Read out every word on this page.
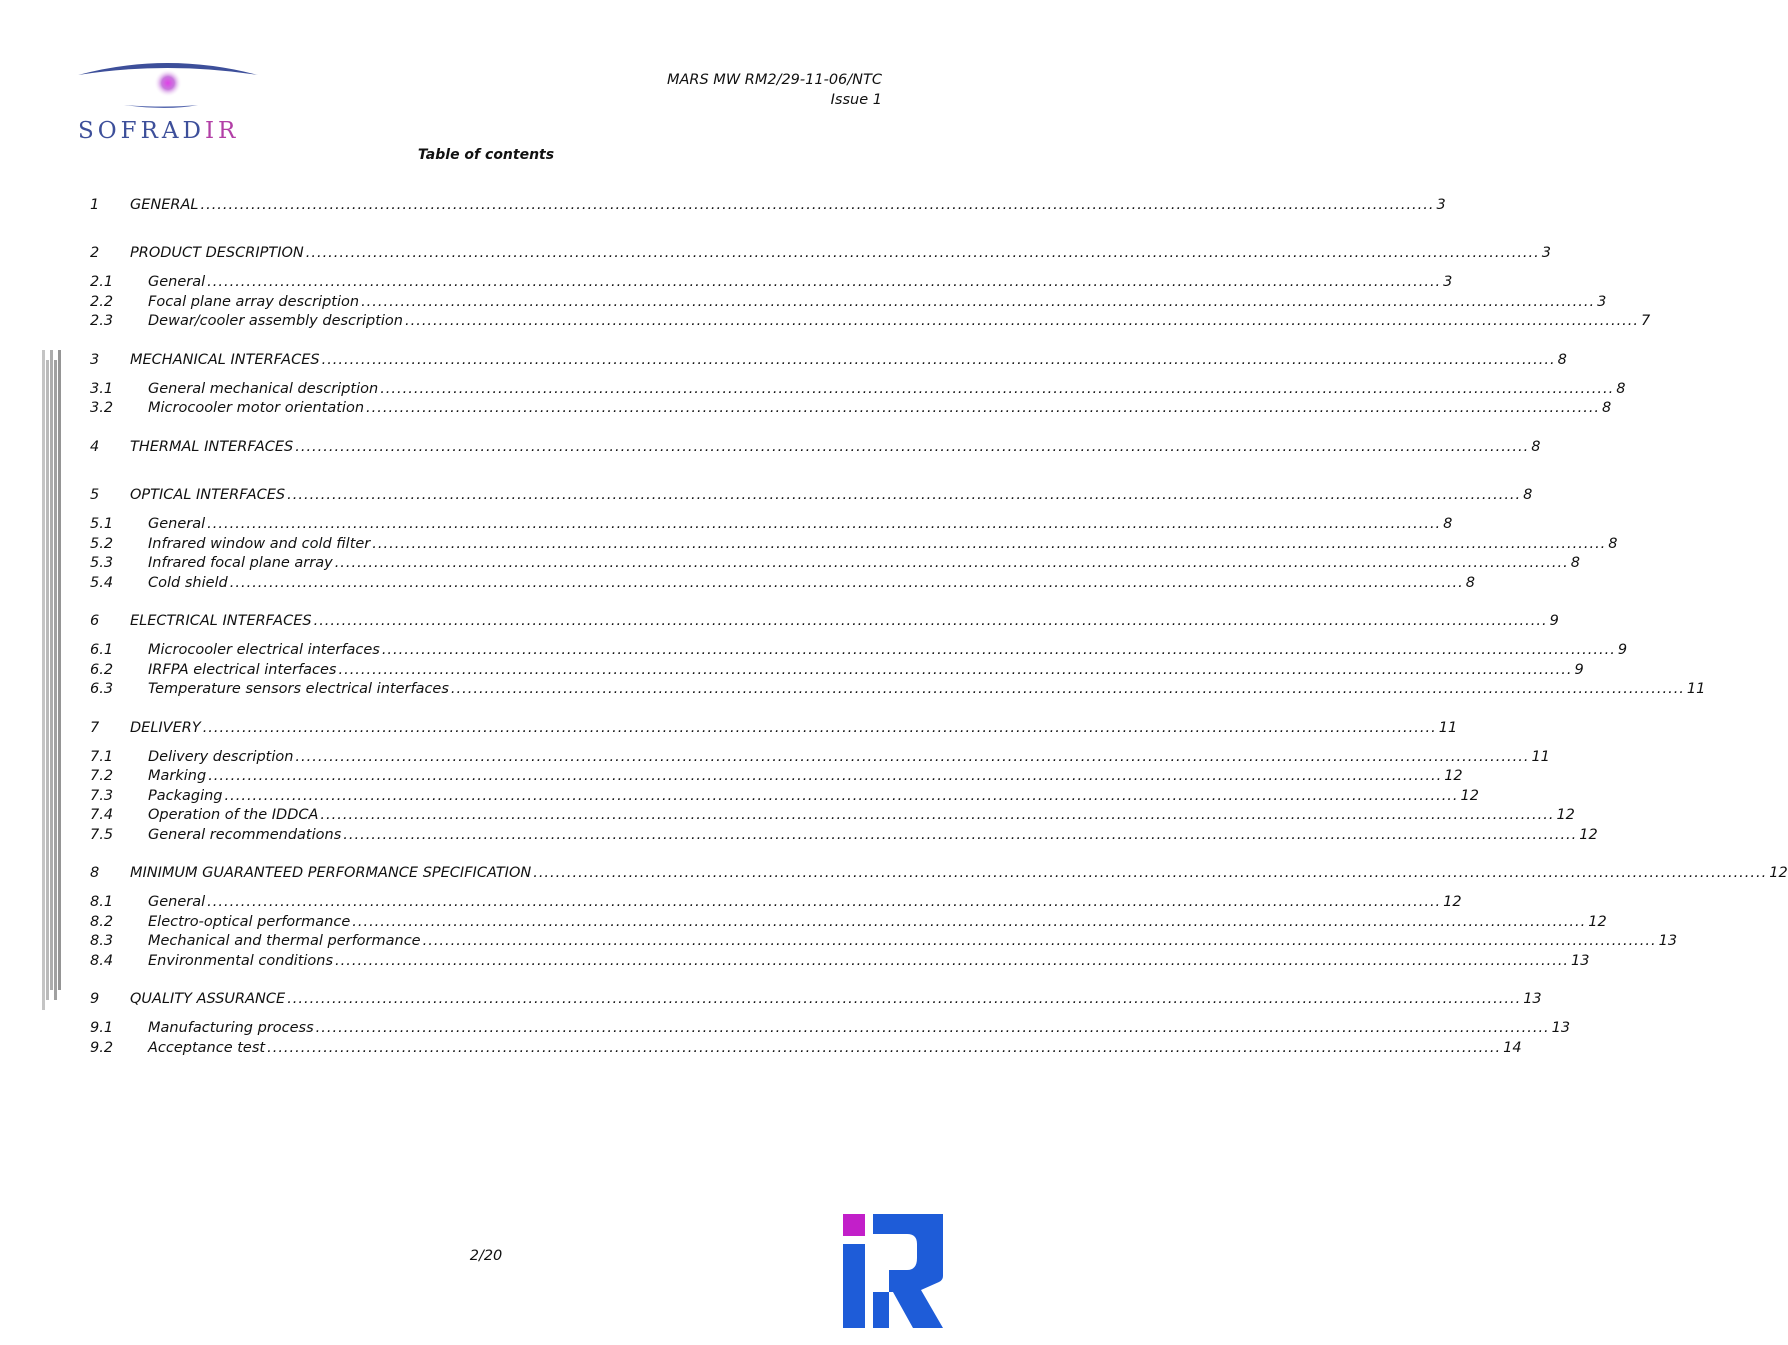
SOFRADIR
MARS MW RM2/29-11-06/NTC
Issue 1
Table of contents
1	GENERAL ............................................................................................................................................................................................................................ 3
2	PRODUCT DESCRIPTION ............................................................................................................................................................................................................................ 3
2.1	General ............................................................................................................................................................................................................................ 3
2.2	Focal plane array description ............................................................................................................................................................................................................................ 3
2.3	Dewar/cooler assembly description ............................................................................................................................................................................................................................ 7
3	MECHANICAL INTERFACES ............................................................................................................................................................................................................................ 8
3.1	General mechanical description ............................................................................................................................................................................................................................ 8
3.2	Microcooler motor orientation ............................................................................................................................................................................................................................ 8
4	THERMAL INTERFACES ............................................................................................................................................................................................................................ 8
5	OPTICAL INTERFACES ............................................................................................................................................................................................................................ 8
5.1	General ............................................................................................................................................................................................................................ 8
5.2	Infrared window and cold filter ............................................................................................................................................................................................................................ 8
5.3	Infrared focal plane array ............................................................................................................................................................................................................................ 8
5.4	Cold shield ............................................................................................................................................................................................................................ 8
6	ELECTRICAL INTERFACES ............................................................................................................................................................................................................................ 9
6.1	Microcooler electrical interfaces ............................................................................................................................................................................................................................ 9
6.2	IRFPA electrical interfaces ............................................................................................................................................................................................................................ 9
6.3	Temperature sensors electrical interfaces ............................................................................................................................................................................................................................ 11
7	DELIVERY ............................................................................................................................................................................................................................ 11
7.1	Delivery description ............................................................................................................................................................................................................................ 11
7.2	Marking ............................................................................................................................................................................................................................ 12
7.3	Packaging ............................................................................................................................................................................................................................ 12
7.4	Operation of the IDDCA ............................................................................................................................................................................................................................ 12
7.5	General recommendations ............................................................................................................................................................................................................................ 12
8	MINIMUM GUARANTEED PERFORMANCE SPECIFICATION ............................................................................................................................................................................................................................ 12
8.1	General ............................................................................................................................................................................................................................ 12
8.2	Electro-optical performance ............................................................................................................................................................................................................................ 12
8.3	Mechanical and thermal performance ............................................................................................................................................................................................................................ 13
8.4	Environmental conditions ............................................................................................................................................................................................................................ 13
9	QUALITY ASSURANCE ............................................................................................................................................................................................................................ 13
9.1	Manufacturing process ............................................................................................................................................................................................................................ 13
9.2	Acceptance test ............................................................................................................................................................................................................................ 14
2/20
